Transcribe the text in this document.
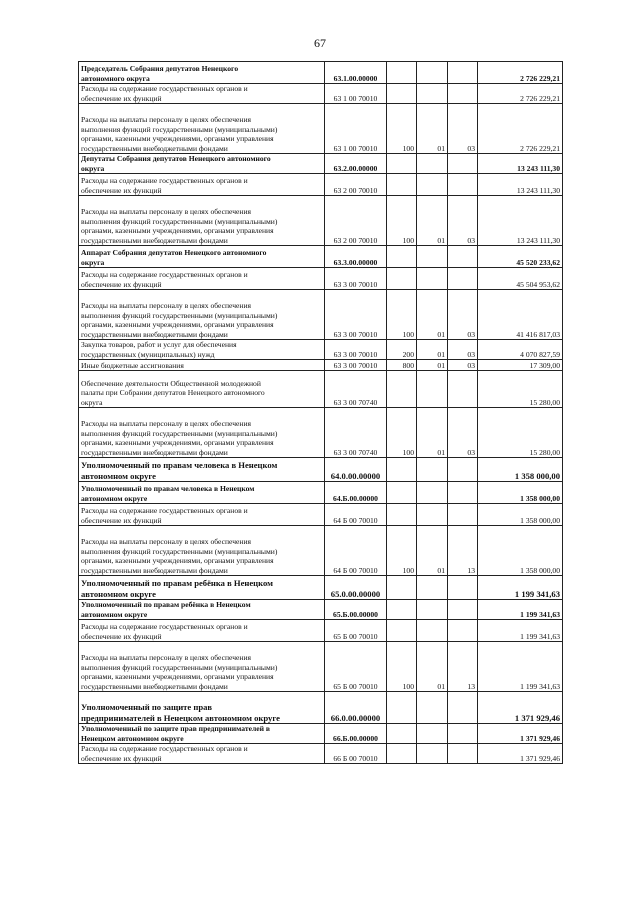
67
Председатель Собрания депутатов Ненецкого
автономного округа	63.1.00.00000				2 726 229,21

Расходы на содержание государственных органов и
обеспечение их функций	63 1 00 70010				2 726 229,21

Расходы на выплаты персоналу в целях обеспечения
выполнения функций государственными (муниципальными)
органами, казенными учреждениями, органами управления
государственными внебюджетными фондами	63 1 00 70010	100	01	03	2 726 229,21

Депутаты Собрания депутатов Ненецкого автономного
округа	63.2.00.00000				13 243 111,30

Расходы на содержание государственных органов и
обеспечение их функций	63 2 00 70010				13 243 111,30

Расходы на выплаты персоналу в целях обеспечения
выполнения функций государственными (муниципальными)
органами, казенными учреждениями, органами управления
государственными внебюджетными фондами	63 2 00 70010	100	01	03	13 243 111,30

Аппарат Собрания депутатов Ненецкого автономного
округа	63.3.00.00000				45 520 233,62

Расходы на содержание государственных органов и
обеспечение их функций	63 3 00 70010				45 504 953,62

Расходы на выплаты персоналу в целях обеспечения
выполнения функций государственными (муниципальными)
органами, казенными учреждениями, органами управления
государственными внебюджетными фондами	63 3 00 70010	100	01	03	41 416 817,03

Закупка товаров, работ и услуг для обеспечения
государственных (муниципальных) нужд	63 3 00 70010	200	01	03	4 070 827,59

Иные бюджетные ассигнования	63 3 00 70010	800	01	03	17 309,00

Обеспечение деятельности Общественной молодежной
палаты при Собрании депутатов Ненецкого автономного
округа	63 3 00 70740				15 280,00

Расходы на выплаты персоналу в целях обеспечения
выполнения функций государственными (муниципальными)
органами, казенными учреждениями, органами управления
государственными внебюджетными фондами	63 3 00 70740	100	01	03	15 280,00

Уполномоченный по правам человека в Ненецком
автономном округе	64.0.00.00000				1 358 000,00

Уполномоченный по правам человека в Ненецком
автономном округе	64.Б.00.00000				1 358 000,00

Расходы на содержание государственных органов и
обеспечение их функций	64 Б 00 70010				1 358 000,00

Расходы на выплаты персоналу в целях обеспечения
выполнения функций государственными (муниципальными)
органами, казенными учреждениями, органами управления
государственными внебюджетными фондами	64 Б 00 70010	100	01	13	1 358 000,00

Уполномоченный по правам ребёнка в Ненецком
автономном округе	65.0.00.00000				1 199 341,63

Уполномоченный по правам ребёнка в Ненецком
автономном округе	65.Б.00.00000				1 199 341,63

Расходы на содержание государственных органов и
обеспечение их функций	65 Б 00 70010				1 199 341,63

Расходы на выплаты персоналу в целях обеспечения
выполнения функций государственными (муниципальными)
органами, казенными учреждениями, органами управления
государственными внебюджетными фондами	65 Б 00 70010	100	01	13	1 199 341,63

Уполномоченный по защите прав
предпринимателей в Ненецком автономном округе	66.0.00.00000				1 371 929,46

Уполномоченный по защите прав предпринимателей в
Ненецком автономном округе	66.Б.00.00000				1 371 929,46

Расходы на содержание государственных органов и
обеспечение их функций	66 Б 00 70010				1 371 929,46
